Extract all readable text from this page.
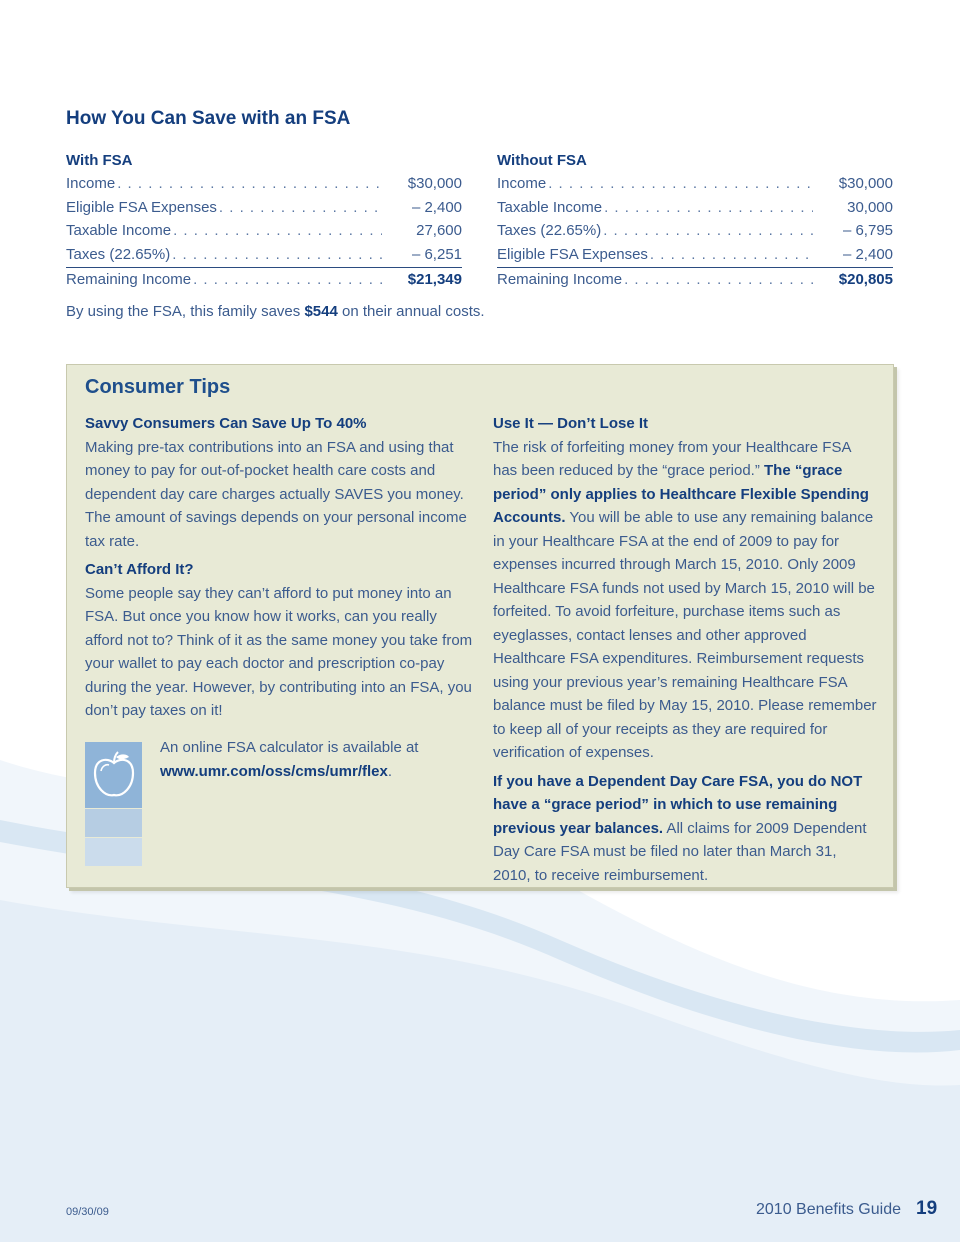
How You Can Save with an FSA
With FSA
Income . . .	$30,000
Eligible FSA Expenses . . .	– 2,400
Taxable Income . . .	27,600
Taxes (22.65%) . . .	– 6,251
Remaining Income . . .	$21,349
Without FSA
Income . . .	$30,000
Taxable Income . . .	30,000
Taxes (22.65%) . . .	– 6,795
Eligible FSA Expenses . . .	– 2,400
Remaining Income . . .	$20,805

By using the FSA, this family saves $544 on their annual costs.

Consumer Tips
Savvy Consumers Can Save Up To 40%

Making pre-tax contributions into an FSA and using that money to pay for out-of-pocket health care costs and dependent day care charges actually SAVES you money. The amount of savings depends on your personal income tax rate.

Can’t Afford It?

Some people say they can’t afford to put money into an FSA. But once you know how it works, can you really afford not to? Think of it as the same money you take from your wallet to pay each doctor and prescription co-pay during the year. However, by contributing into an FSA, you don’t pay taxes on it!

An online FSA calculator is available at www.umr.com/oss/cms/umr/flex.

Use It — Don’t Lose It

The risk of forfeiting money from your Healthcare FSA has been reduced by the “grace period.” The “grace period” only applies to Healthcare Flexible Spending Accounts. You will be able to use any remaining balance in your Healthcare FSA at the end of 2009 to pay for expenses incurred through March 15, 2010. Only 2009 Healthcare FSA funds not used by March 15, 2010 will be forfeited. To avoid forfeiture, purchase items such as eyeglasses, contact lenses and other approved Healthcare FSA expenditures. Reimbursement requests using your previous year’s remaining Healthcare FSA balance must be filed by May 15, 2010. Please remember to keep all of your receipts as they are required for verification of expenses.

If you have a Dependent Day Care FSA, you do NOT have a “grace period” in which to use remaining previous year balances. All claims for 2009 Dependent Day Care FSA must be filed no later than March 31, 2010, to receive reimbursement.

09/30/09	2010 Benefits Guide 19
